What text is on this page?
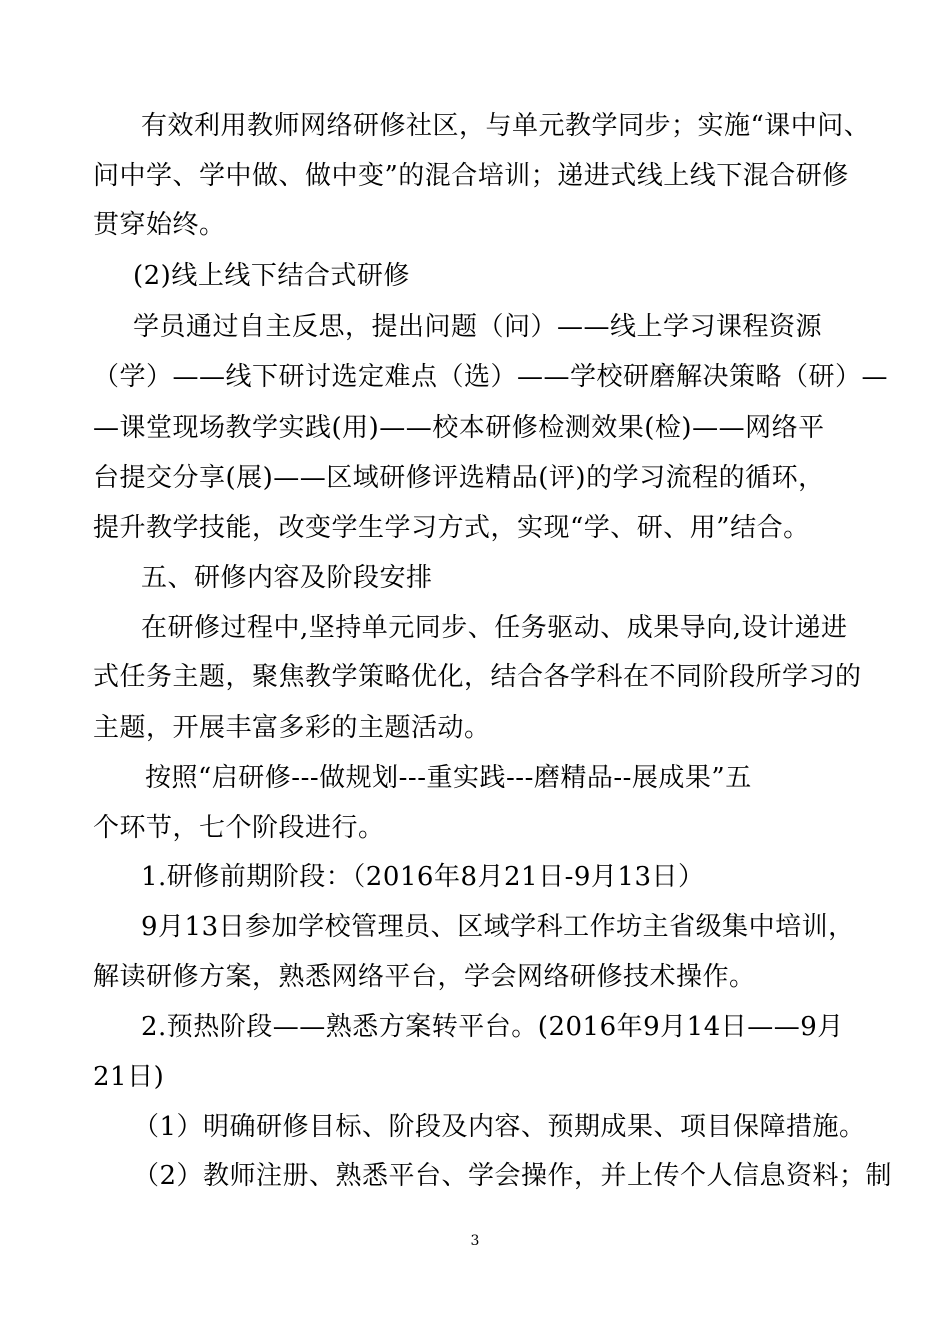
有效利用教师网络研修社区，与单元教学同步；实施“课中问、
问中学、学中做、做中变”的混合培训；递进式线上线下混合研修
贯穿始终。
(2)线上线下结合式研修
学员通过自主反思，提出问题（问）——线上学习课程资源
（学）——线下研讨选定难点（选）——学校研磨解决策略（研）—
—课堂现场教学实践(用)——校本研修检测效果(检)——网络平
台提交分享(展)——区域研修评选精品(评)的学习流程的循环，
提升教学技能，改变学生学习方式，实现“学、研、用”结合。
五、研修内容及阶段安排
在研修过程中,坚持单元同步、任务驱动、成果导向,设计递进
式任务主题，聚焦教学策略优化，结合各学科在不同阶段所学习的
主题，开展丰富多彩的主题活动。
按照“启研修---做规划---重实践---磨精品--展成果”五
个环节，七个阶段进行。
1.研修前期阶段：（2016年8月21日-9月13日）
9月13日参加学校管理员、区域学科工作坊主省级集中培训，
解读研修方案，熟悉网络平台，学会网络研修技术操作。
2.预热阶段——熟悉方案转平台。(2016年9月14日——9月
21日)
（1）明确研修目标、阶段及内容、预期成果、项目保障措施。
（2）教师注册、熟悉平台、学会操作，并上传个人信息资料；制
3
